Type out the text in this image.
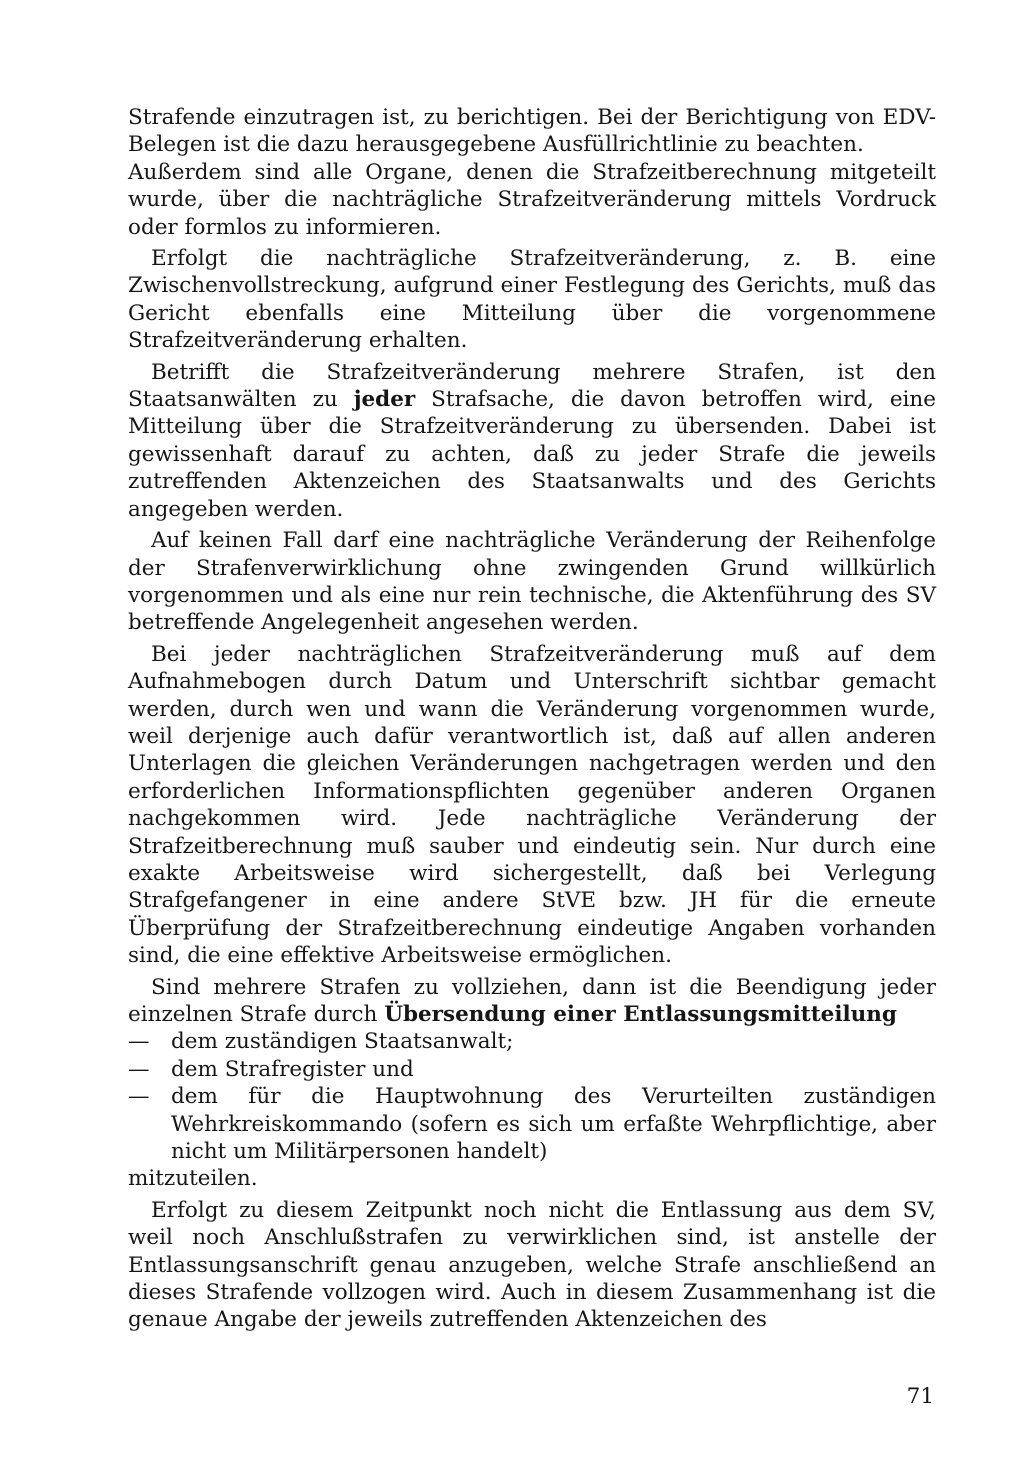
Strafende einzutragen ist, zu berichtigen. Bei der Berichtigung von EDV-Belegen ist die dazu herausgegebene Ausfüllrichtlinie zu beachten.

Außerdem sind alle Organe, denen die Strafzeitberechnung mitgeteilt wurde, über die nachträgliche Strafzeitveränderung mittels Vordruck oder formlos zu informieren.

Erfolgt die nachträgliche Strafzeitveränderung, z. B. eine Zwischenvollstreckung, aufgrund einer Festlegung des Gerichts, muß das Gericht ebenfalls eine Mitteilung über die vorgenommene Strafzeitveränderung erhalten.

Betrifft die Strafzeitveränderung mehrere Strafen, ist den Staatsanwälten zu jeder Strafsache, die davon betroffen wird, eine Mitteilung über die Strafzeitveränderung zu übersenden. Dabei ist gewissenhaft darauf zu achten, daß zu jeder Strafe die jeweils zutreffenden Aktenzeichen des Staatsanwalts und des Gerichts angegeben werden.

Auf keinen Fall darf eine nachträgliche Veränderung der Reihenfolge der Strafenverwirklichung ohne zwingenden Grund willkürlich vorgenommen und als eine nur rein technische, die Aktenführung des SV betreffende Angelegenheit angesehen werden.

Bei jeder nachträglichen Strafzeitveränderung muß auf dem Aufnahmebogen durch Datum und Unterschrift sichtbar gemacht werden, durch wen und wann die Veränderung vorgenommen wurde, weil derjenige auch dafür verantwortlich ist, daß auf allen anderen Unterlagen die gleichen Veränderungen nachgetragen werden und den erforderlichen Informationspflichten gegenüber anderen Organen nachgekommen wird. Jede nachträgliche Veränderung der Strafzeitberechnung muß sauber und eindeutig sein. Nur durch eine exakte Arbeitsweise wird sichergestellt, daß bei Verlegung Strafgefangener in eine andere StVE bzw. JH für die erneute Überprüfung der Strafzeitberechnung eindeutige Angaben vorhanden sind, die eine effektive Arbeitsweise ermöglichen.

Sind mehrere Strafen zu vollziehen, dann ist die Beendigung jeder einzelnen Strafe durch Übersendung einer Entlassungsmitteilung

— dem zuständigen Staatsanwalt;
— dem Strafregister und
— dem für die Hauptwohnung des Verurteilten zuständigen Wehrkreiskommando (sofern es sich um erfaßte Wehrpflichtige, aber nicht um Militärpersonen handelt)

mitzuteilen.

Erfolgt zu diesem Zeitpunkt noch nicht die Entlassung aus dem SV, weil noch Anschlußstrafen zu verwirklichen sind, ist anstelle der Entlassungsanschrift genau anzugeben, welche Strafe anschließend an dieses Strafende vollzogen wird. Auch in diesem Zusammenhang ist die genaue Angabe der jeweils zutreffenden Aktenzeichen des

71
